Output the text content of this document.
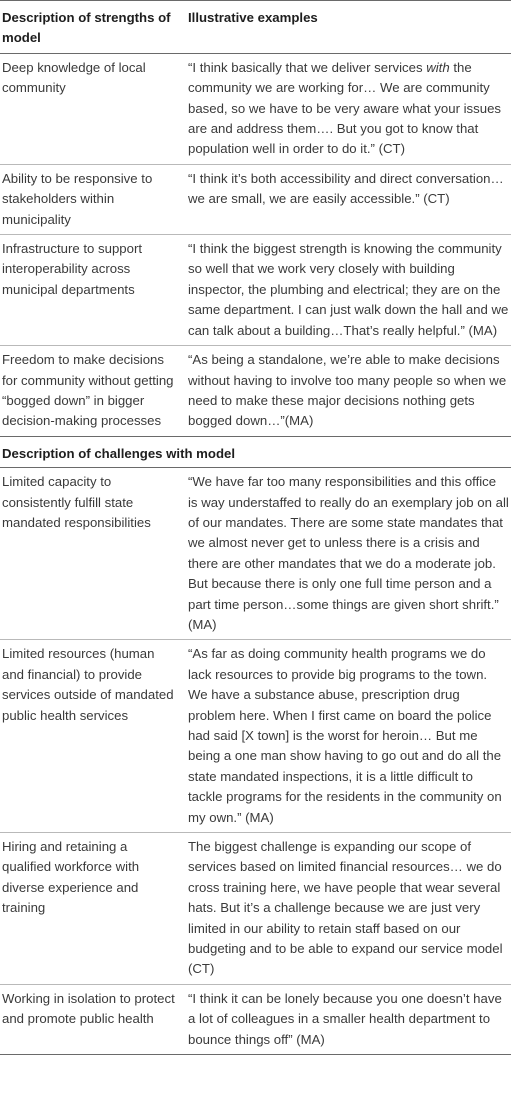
Description of strengths of model	Illustrative examples
Deep knowledge of local community	“I think basically that we deliver services with the community we are working for… We are community based, so we have to be very aware what your issues are and address them…. But you got to know that population well in order to do it.” (CT)
Ability to be responsive to stakeholders within municipality	“I think it’s both accessibility and direct conversation…we are small, we are easily accessible.” (CT)
Infrastructure to support interoperability across municipal departments	“I think the biggest strength is knowing the community so well that we work very closely with building inspector, the plumbing and electrical; they are on the same department. I can just walk down the hall and we can talk about a building…That’s really helpful.” (MA)
Freedom to make decisions for community without getting “bogged down” in bigger decision-making processes	“As being a standalone, we’re able to make decisions without having to involve too many people so when we need to make these major decisions nothing gets bogged down…”(MA)
Description of challenges with model	
Limited capacity to consistently fulfill state mandated responsibilities	“We have far too many responsibilities and this office is way understaffed to really do an exemplary job on all of our mandates. There are some state mandates that we almost never get to unless there is a crisis and there are other mandates that we do a moderate job. But because there is only one full time person and a part time person…some things are given short shrift.” (MA)
Limited resources (human and financial) to provide services outside of mandated public health services	“As far as doing community health programs we do lack resources to provide big programs to the town. We have a substance abuse, prescription drug problem here. When I first came on board the police had said [X town] is the worst for heroin… But me being a one man show having to go out and do all the state mandated inspections, it is a little difficult to tackle programs for the residents in the community on my own.” (MA)
Hiring and retaining a qualified workforce with diverse experience and training	The biggest challenge is expanding our scope of services based on limited financial resources… we do cross training here, we have people that wear several hats. But it’s a challenge because we are just very limited in our ability to retain staff based on our budgeting and to be able to expand our service model (CT)
Working in isolation to protect and promote public health	“I think it can be lonely because you one doesn’t have a lot of colleagues in a smaller health department to bounce things off” (MA)
